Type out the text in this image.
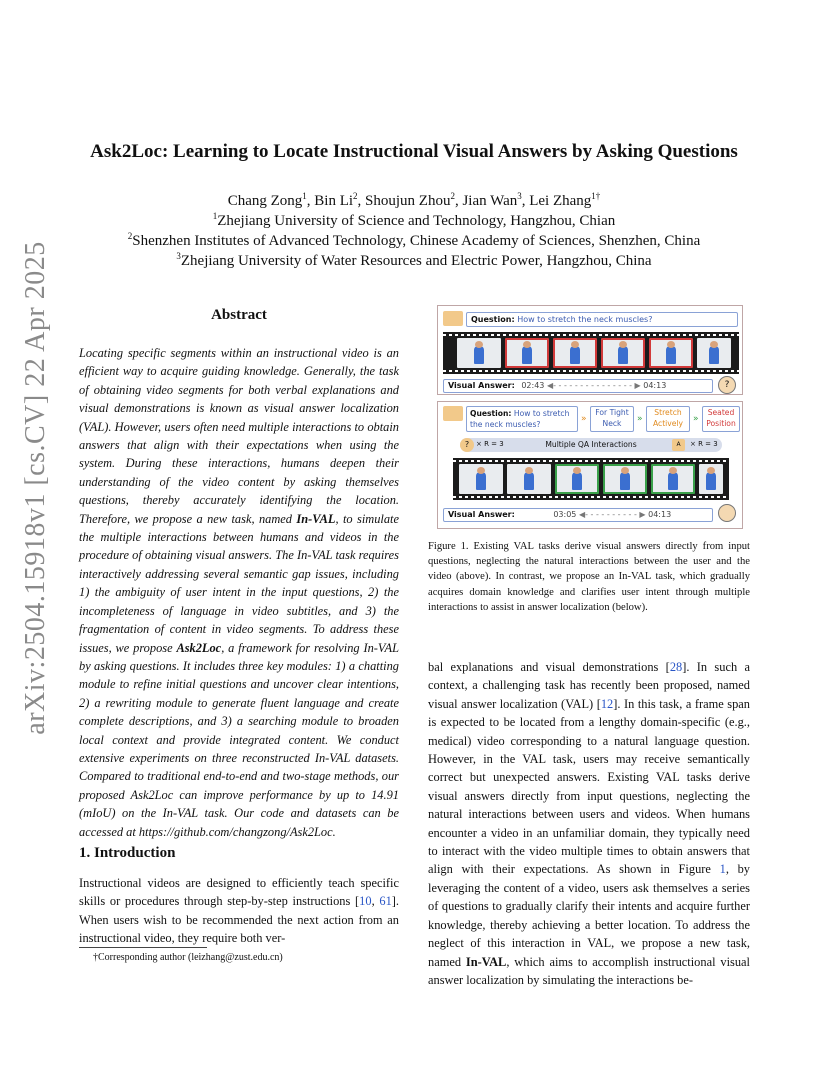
arXiv:2504.15918v1 [cs.CV] 22 Apr 2025
Ask2Loc: Learning to Locate Instructional Visual Answers by Asking Questions
Chang Zong$^1$, Bin Li$^2$, Shoujun Zhou$^2$, Jian Wan$^3$, Lei Zhang$^{1\dagger}$
$^1$Zhejiang University of Science and Technology, Hangzhou, Chian
$^2$Shenzhen Institutes of Advanced Technology, Chinese Academy of Sciences, Shenzhen, China
$^3$Zhejiang University of Water Resources and Electric Power, Hangzhou, China
Abstract
Locating specific segments within an instructional video is an efficient way to acquire guiding knowledge. Generally, the task of obtaining video segments for both verbal explanations and visual demonstrations is known as visual answer localization (VAL). However, users often need multiple interactions to obtain answers that align with their expectations when using the system. During these interactions, humans deepen their understanding of the video content by asking themselves questions, thereby accurately identifying the location. Therefore, we propose a new task, named In-VAL, to simulate the multiple interactions between humans and videos in the procedure of obtaining visual answers. The In-VAL task requires interactively addressing several semantic gap issues, including 1) the ambiguity of user intent in the input questions, 2) the incompleteness of language in video subtitles, and 3) the fragmentation of content in video segments. To address these issues, we propose Ask2Loc, a framework for resolving In-VAL by asking questions. It includes three key modules: 1) a chatting module to refine initial questions and uncover clear intentions, 2) a rewriting module to generate fluent language and create complete descriptions, and 3) a searching module to broaden local context and provide integrated content. We conduct extensive experiments on three reconstructed In-VAL datasets. Compared to traditional end-to-end and two-stage methods, our proposed Ask2Loc can improve performance by up to 14.91 (mIoU) on the In-VAL task. Our code and datasets can be accessed at https://github.com/changzong/Ask2Loc.
1. Introduction
Instructional videos are designed to efficiently teach specific skills or procedures through step-by-step instructions [10, 61]. When users wish to be recommended the next action from an instructional video, they require both ver-
†Corresponding author (leizhang@zust.edu.cn)
Question: How to stretch the neck muscles?
Visual Answer: 02:43 ◀- - - - - - - - - - - - - - - ▶ 04:13	?
Question: How to stretch
the neck muscles?
»
For Tight
Neck	»
Stretch
Actively	»
Seated
Position
Multiple QA Interactions
? × R = 3	A	× R = 3
Visual Answer:	03:05 ◀- - - - - - - - - - ▶ 04:13
Figure 1. Existing VAL tasks derive visual answers directly from input questions, neglecting the natural interactions between the user and the video (above). In contrast, we propose an In-VAL task, which gradually acquires domain knowledge and clarifies user intent through multiple interactions to assist in answer localization (below).
bal explanations and visual demonstrations [28]. In such a context, a challenging task has recently been proposed, named visual answer localization (VAL) [12]. In this task, a frame span is expected to be located from a lengthy domain-specific (e.g., medical) video corresponding to a natural language question. However, in the VAL task, users may receive semantically correct but unexpected answers. Existing VAL tasks derive visual answers directly from input questions, neglecting the natural interactions between users and videos. When humans encounter a video in an unfamiliar domain, they typically need to interact with the video multiple times to obtain answers that align with their expectations. As shown in Figure 1, by leveraging the content of a video, users ask themselves a series of questions to gradually clarify their intents and acquire further knowledge, thereby achieving a better location. To address the neglect of this interaction in VAL, we propose a new task, named In-VAL, which aims to accomplish instructional visual answer localization by simulating the interactions be-
